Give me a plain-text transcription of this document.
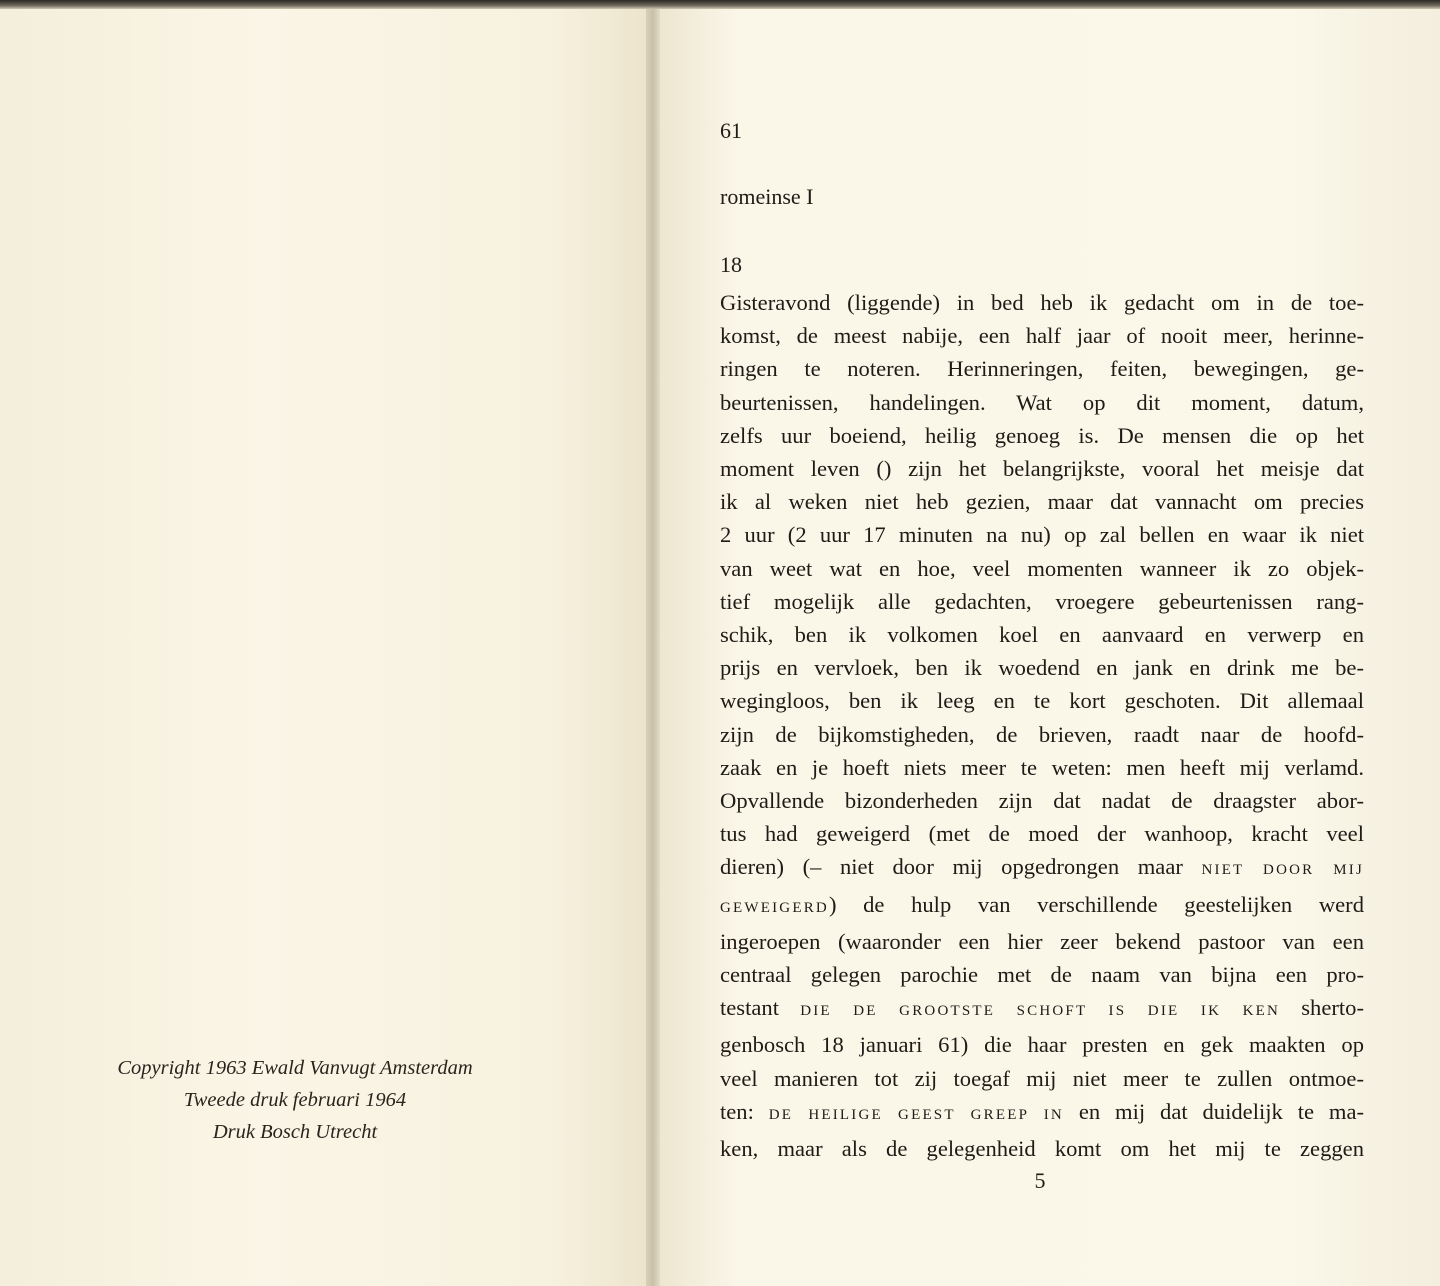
Copyright 1963 Ewald Vanvugt Amsterdam
Tweede druk februari 1964
Druk Bosch Utrecht
61
romeinse I
18
Gisteravond (liggende) in bed heb ik gedacht om in de toe-
komst, de meest nabije, een half jaar of nooit meer, herinne-
ringen te noteren. Herinneringen, feiten, bewegingen, ge-
beurtenissen, handelingen. Wat op dit moment, datum,
zelfs uur boeiend, heilig genoeg is. De mensen die op het
moment leven () zijn het belangrijkste, vooral het meisje dat
ik al weken niet heb gezien, maar dat vannacht om precies
2 uur (2 uur 17 minuten na nu) op zal bellen en waar ik niet
van weet wat en hoe, veel momenten wanneer ik zo objek-
tief mogelijk alle gedachten, vroegere gebeurtenissen rang-
schik, ben ik volkomen koel en aanvaard en verwerp en
prijs en vervloek, ben ik woedend en jank en drink me be-
wegingloos, ben ik leeg en te kort geschoten. Dit allemaal
zijn de bijkomstigheden, de brieven, raadt naar de hoofd-
zaak en je hoeft niets meer te weten: men heeft mij verlamd.
Opvallende bizonderheden zijn dat nadat de draagster abor-
tus had geweigerd (met de moed der wanhoop, kracht veel
dieren) (– niet door mij opgedrongen maar NIET DOOR MIJ
GEWEIGERD) de hulp van verschillende geestelijken werd
ingeroepen (waaronder een hier zeer bekend pastoor van een
centraal gelegen parochie met de naam van bijna een pro-
testant DIE DE GROOTSTE SCHOFT IS DIE IK KEN shertо-
genbosch 18 januari 61) die haar presten en gek maakten op
veel manieren tot zij toegaf mij niet meer te zullen ontmoe-
ten: DE HEILIGE GEEST GREEP IN en mij dat duidelijk te ma-
ken, maar als de gelegenheid komt om het mij te zeggen
5
